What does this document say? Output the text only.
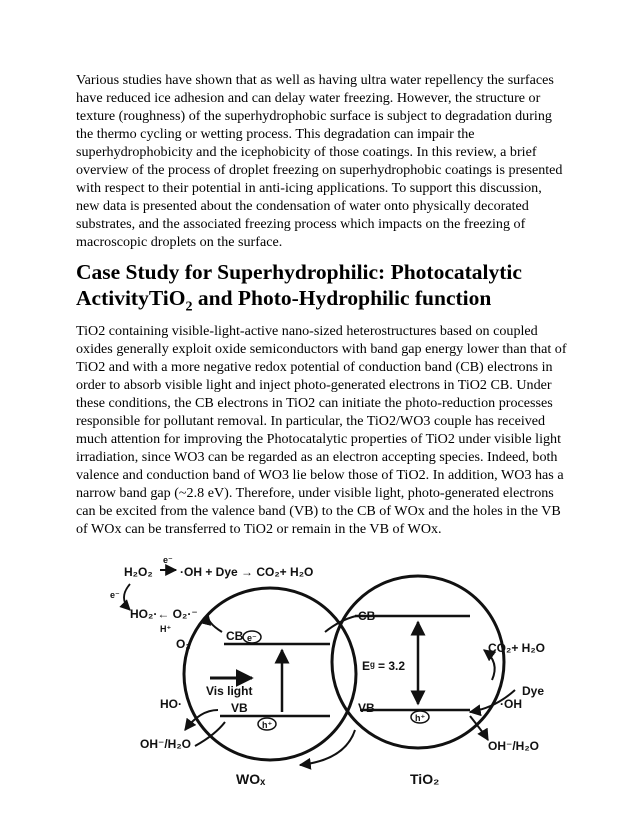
Various studies have shown that as well as having ultra water repellency the surfaces have reduced ice adhesion and can delay water freezing. However, the structure or texture (roughness) of the superhydrophobic surface is subject to degradation during the thermo cycling or wetting process. This degradation can impair the superhydrophobicity and the icephobicity of those coatings. In this review, a brief overview of the process of droplet freezing on superhydrophobic coatings is presented with respect to their potential in anti-icing applications. To support this discussion, new data is presented about the condensation of water onto physically decorated substrates, and the associated freezing process which impacts on the freezing of macroscopic droplets on the surface.

Case Study for Superhydrophilic: Photocatalytic ActivityTiO$_2$ and Photo-Hydrophilic function

TiO2 containing visible-light-active nano-sized heterostructures based on coupled oxides generally exploit oxide semiconductors with band gap energy lower than that of TiO2 and with a more negative redox potential of conduction band (CB) electrons in order to absorb visible light and inject photo-generated electrons in TiO2 CB. Under these conditions, the CB electrons in TiO2 can initiate the photo-reduction processes responsible for pollutant removal. In particular, the TiO2/WO3 couple has received much attention for improving the Photocatalytic properties of TiO2 under visible light irradiation, since WO3 can be regarded as an electron accepting species. Indeed, both valence and conduction band of WO3 lie below those of TiO2. In addition, WO3 has a narrow band gap (~2.8 eV). Therefore, under visible light, photo-generated electrons can be excited from the valence band (VB) to the CB of WOx and the holes in the VB of WOx can be transferred to TiO2 or remain in the VB of WOx.

H₂O₂
e⁻
·OH + Dye → CO₂+ H₂O
e⁻
HO₂·← O₂·⁻
H⁺
O₂
CB e⁻
Vis light
VB
h⁺
HO·
OH⁻/H₂O
WOₓ
CB
Eᵍ = 3.2
VB
h⁺
TiO₂
CO₂+ H₂O
Dye
·OH
OH⁻/H₂O
